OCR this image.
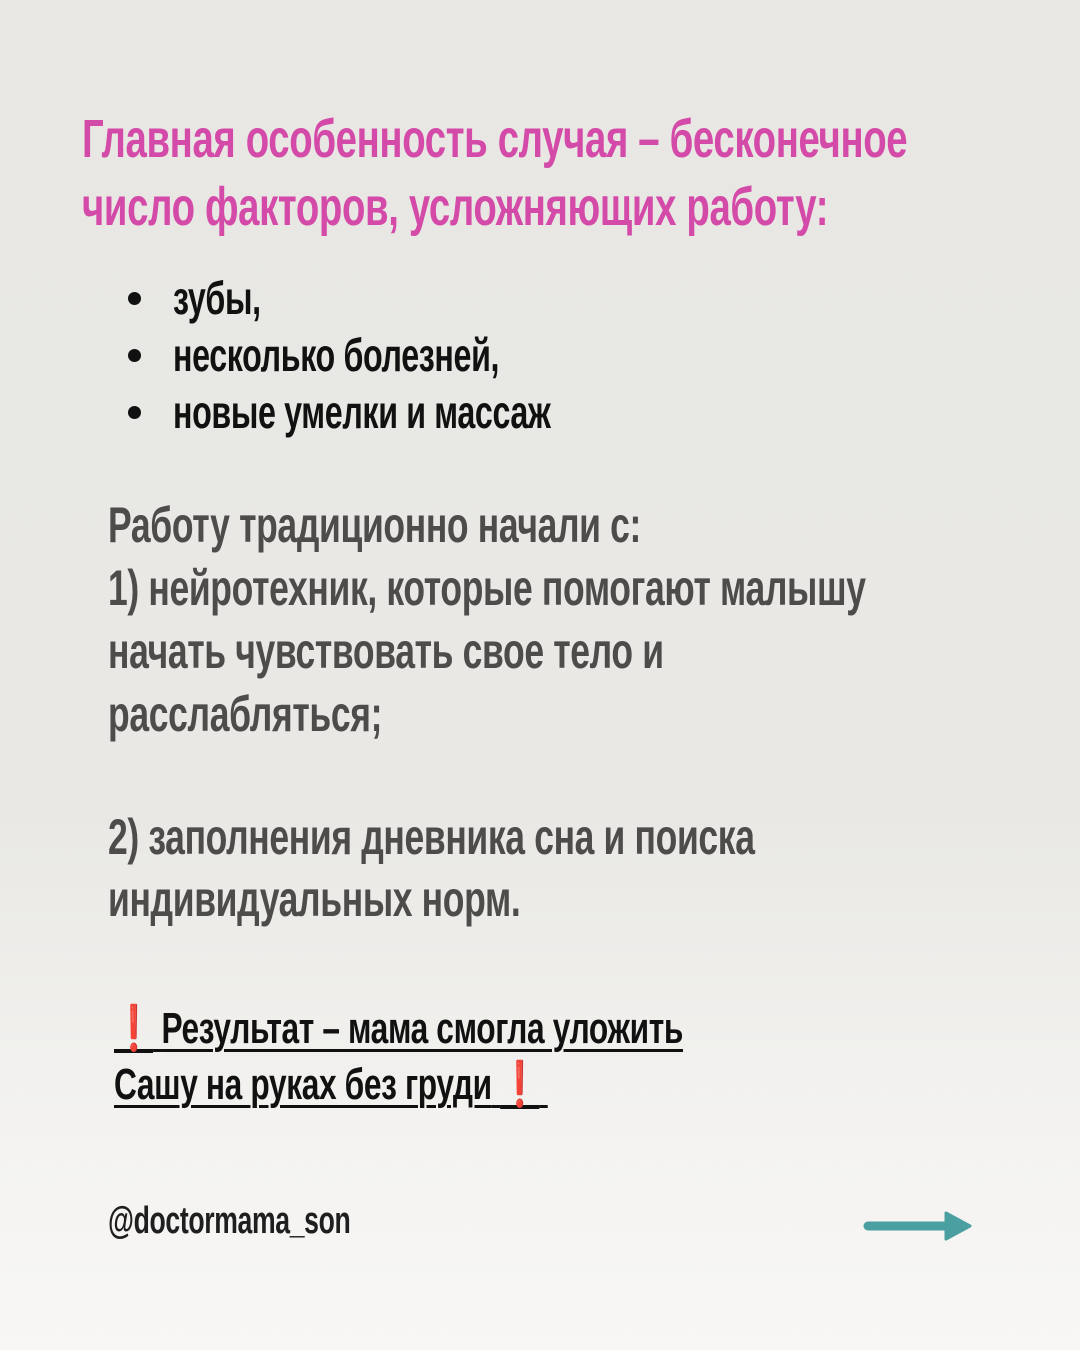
Главная особенность случая – бесконечное
число факторов, усложняющих работу:
зубы,
несколько болезней,
новые умелки и массаж
Работу традиционно начали с:
1) нейротехник, которые помогают малышу
начать чувствовать свое тело и
расслабляться;
2) заполнения дневника сна и поиска
индивидуальных норм.
❗ Результат – мама смогла уложить
Сашу на руках без груди ❗
@doctormama_son
